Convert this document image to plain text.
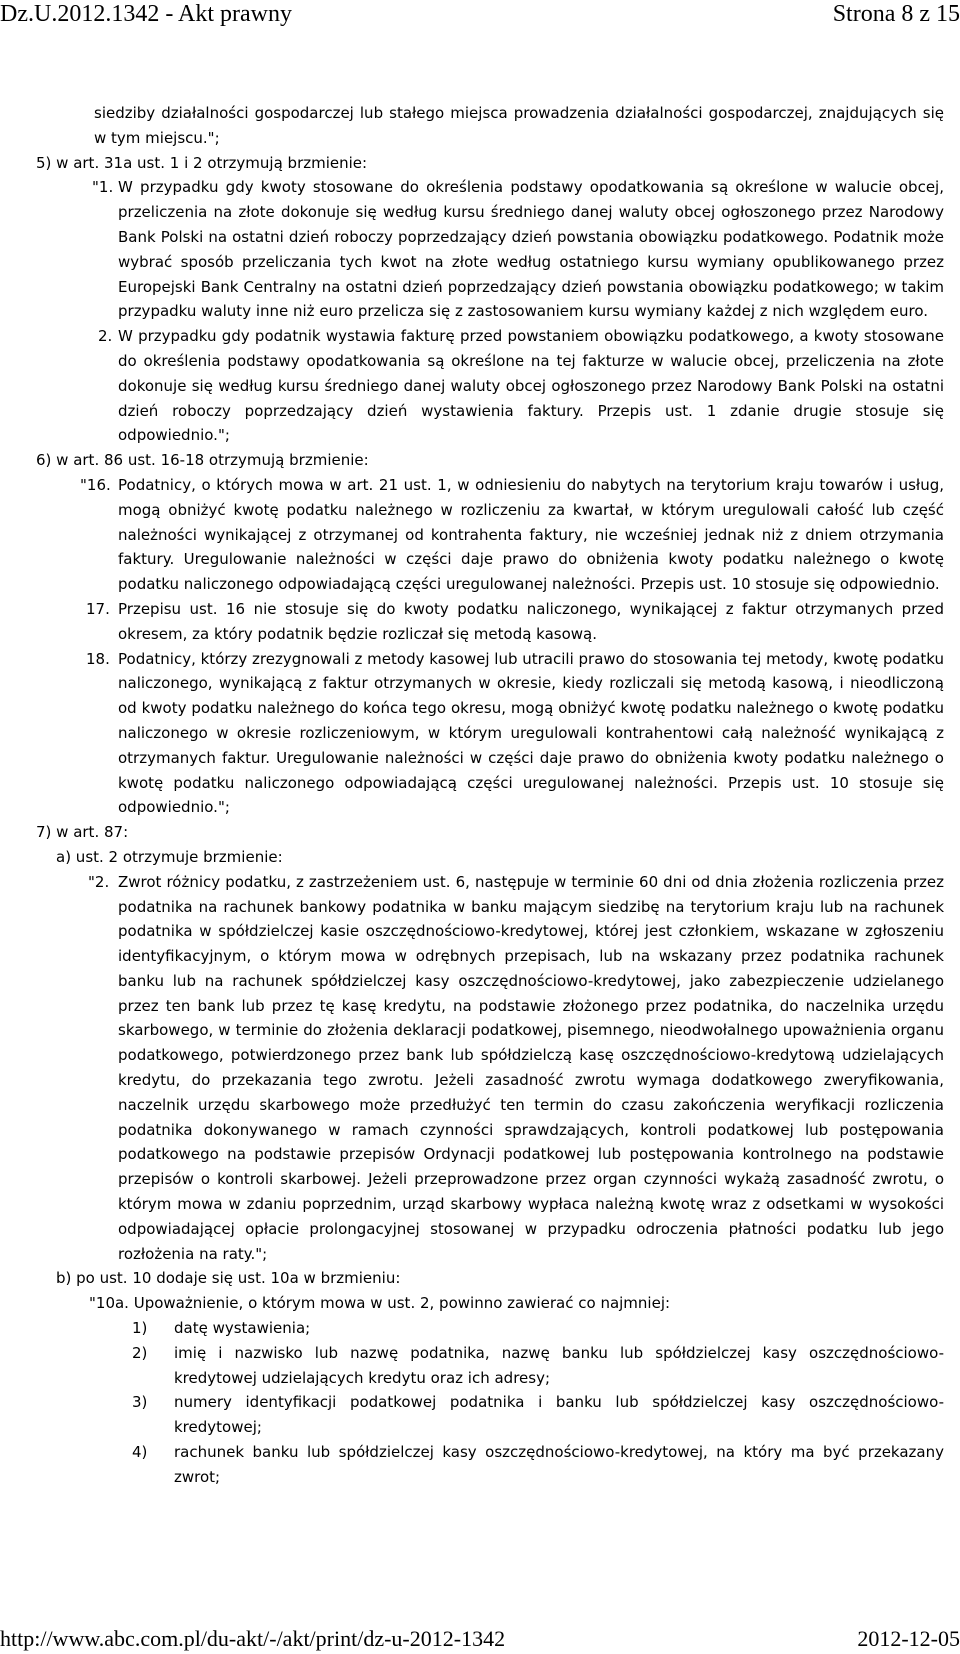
Dz.U.2012.1342 - Akt prawny	Strona 8 z 15

siedziby działalności gospodarczej lub stałego miejsca prowadzenia działalności gospodarczej, znajdujących się w tym miejscu.";

5) w art. 31a ust. 1 i 2 otrzymują brzmienie:

"1. W przypadku gdy kwoty stosowane do określenia podstawy opodatkowania są określone w walucie obcej, przeliczenia na złote dokonuje się według kursu średniego danej waluty obcej ogłoszonego przez Narodowy Bank Polski na ostatni dzień roboczy poprzedzający dzień powstania obowiązku podatkowego. Podatnik może wybrać sposób przeliczania tych kwot na złote według ostatniego kursu wymiany opublikowanego przez Europejski Bank Centralny na ostatni dzień poprzedzający dzień powstania obowiązku podatkowego; w takim przypadku waluty inne niż euro przelicza się z zastosowaniem kursu wymiany każdej z nich względem euro.

2. W przypadku gdy podatnik wystawia fakturę przed powstaniem obowiązku podatkowego, a kwoty stosowane do określenia podstawy opodatkowania są określone na tej fakturze w walucie obcej, przeliczenia na złote dokonuje się według kursu średniego danej waluty obcej ogłoszonego przez Narodowy Bank Polski na ostatni dzień roboczy poprzedzający dzień wystawienia faktury. Przepis ust. 1 zdanie drugie stosuje się odpowiednio.";

6) w art. 86 ust. 16-18 otrzymują brzmienie:

"16. Podatnicy, o których mowa w art. 21 ust. 1, w odniesieniu do nabytych na terytorium kraju towarów i usług, mogą obniżyć kwotę podatku należnego w rozliczeniu za kwartał, w którym uregulowali całość lub część należności wynikającej z otrzymanej od kontrahenta faktury, nie wcześniej jednak niż z dniem otrzymania faktury. Uregulowanie należności w części daje prawo do obniżenia kwoty podatku należnego o kwotę podatku naliczonego odpowiadającą części uregulowanej należności. Przepis ust. 10 stosuje się odpowiednio.

17. Przepisu ust. 16 nie stosuje się do kwoty podatku naliczonego, wynikającej z faktur otrzymanych przed okresem, za który podatnik będzie rozliczał się metodą kasową.

18. Podatnicy, którzy zrezygnowali z metody kasowej lub utracili prawo do stosowania tej metody, kwotę podatku naliczonego, wynikającą z faktur otrzymanych w okresie, kiedy rozliczali się metodą kasową, i nieodliczoną od kwoty podatku należnego do końca tego okresu, mogą obniżyć kwotę podatku należnego o kwotę podatku naliczonego w okresie rozliczeniowym, w którym uregulowali kontrahentowi całą należność wynikającą z otrzymanych faktur. Uregulowanie należności w części daje prawo do obniżenia kwoty podatku należnego o kwotę podatku naliczonego odpowiadającą części uregulowanej należności. Przepis ust. 10 stosuje się odpowiednio.";

7) w art. 87:

a) ust. 2 otrzymuje brzmienie:

"2. Zwrot różnicy podatku, z zastrzeżeniem ust. 6, następuje w terminie 60 dni od dnia złożenia rozliczenia przez podatnika na rachunek bankowy podatnika w banku mającym siedzibę na terytorium kraju lub na rachunek podatnika w spółdzielczej kasie oszczędnościowo-kredytowej, której jest członkiem, wskazane w zgłoszeniu identyfikacyjnym, o którym mowa w odrębnych przepisach, lub na wskazany przez podatnika rachunek banku lub na rachunek spółdzielczej kasy oszczędnościowo-kredytowej, jako zabezpieczenie udzielanego przez ten bank lub przez tę kasę kredytu, na podstawie złożonego przez podatnika, do naczelnika urzędu skarbowego, w terminie do złożenia deklaracji podatkowej, pisemnego, nieodwołalnego upoważnienia organu podatkowego, potwierdzonego przez bank lub spółdzielczą kasę oszczędnościowo-kredytową udzielających kredytu, do przekazania tego zwrotu. Jeżeli zasadność zwrotu wymaga dodatkowego zweryfikowania, naczelnik urzędu skarbowego może przedłużyć ten termin do czasu zakończenia weryfikacji rozliczenia podatnika dokonywanego w ramach czynności sprawdzających, kontroli podatkowej lub postępowania podatkowego na podstawie przepisów Ordynacji podatkowej lub postępowania kontrolnego na podstawie przepisów o kontroli skarbowej. Jeżeli przeprowadzone przez organ czynności wykażą zasadność zwrotu, o którym mowa w zdaniu poprzednim, urząd skarbowy wypłaca należną kwotę wraz z odsetkami w wysokości odpowiadającej opłacie prolongacyjnej stosowanej w przypadku odroczenia płatności podatku lub jego rozłożenia na raty.";

b) po ust. 10 dodaje się ust. 10a w brzmieniu:

"10a. Upoważnienie, o którym mowa w ust. 2, powinno zawierać co najmniej:

1) datę wystawienia;

2) imię i nazwisko lub nazwę podatnika, nazwę banku lub spółdzielczej kasy oszczędnościowo-kredytowej udzielających kredytu oraz ich adresy;

3) numery identyfikacji podatkowej podatnika i banku lub spółdzielczej kasy oszczędnościowo-kredytowej;

4) rachunek banku lub spółdzielczej kasy oszczędnościowo-kredytowej, na który ma być przekazany zwrot;

http://www.abc.com.pl/du-akt/-/akt/print/dz-u-2012-1342	2012-12-05
